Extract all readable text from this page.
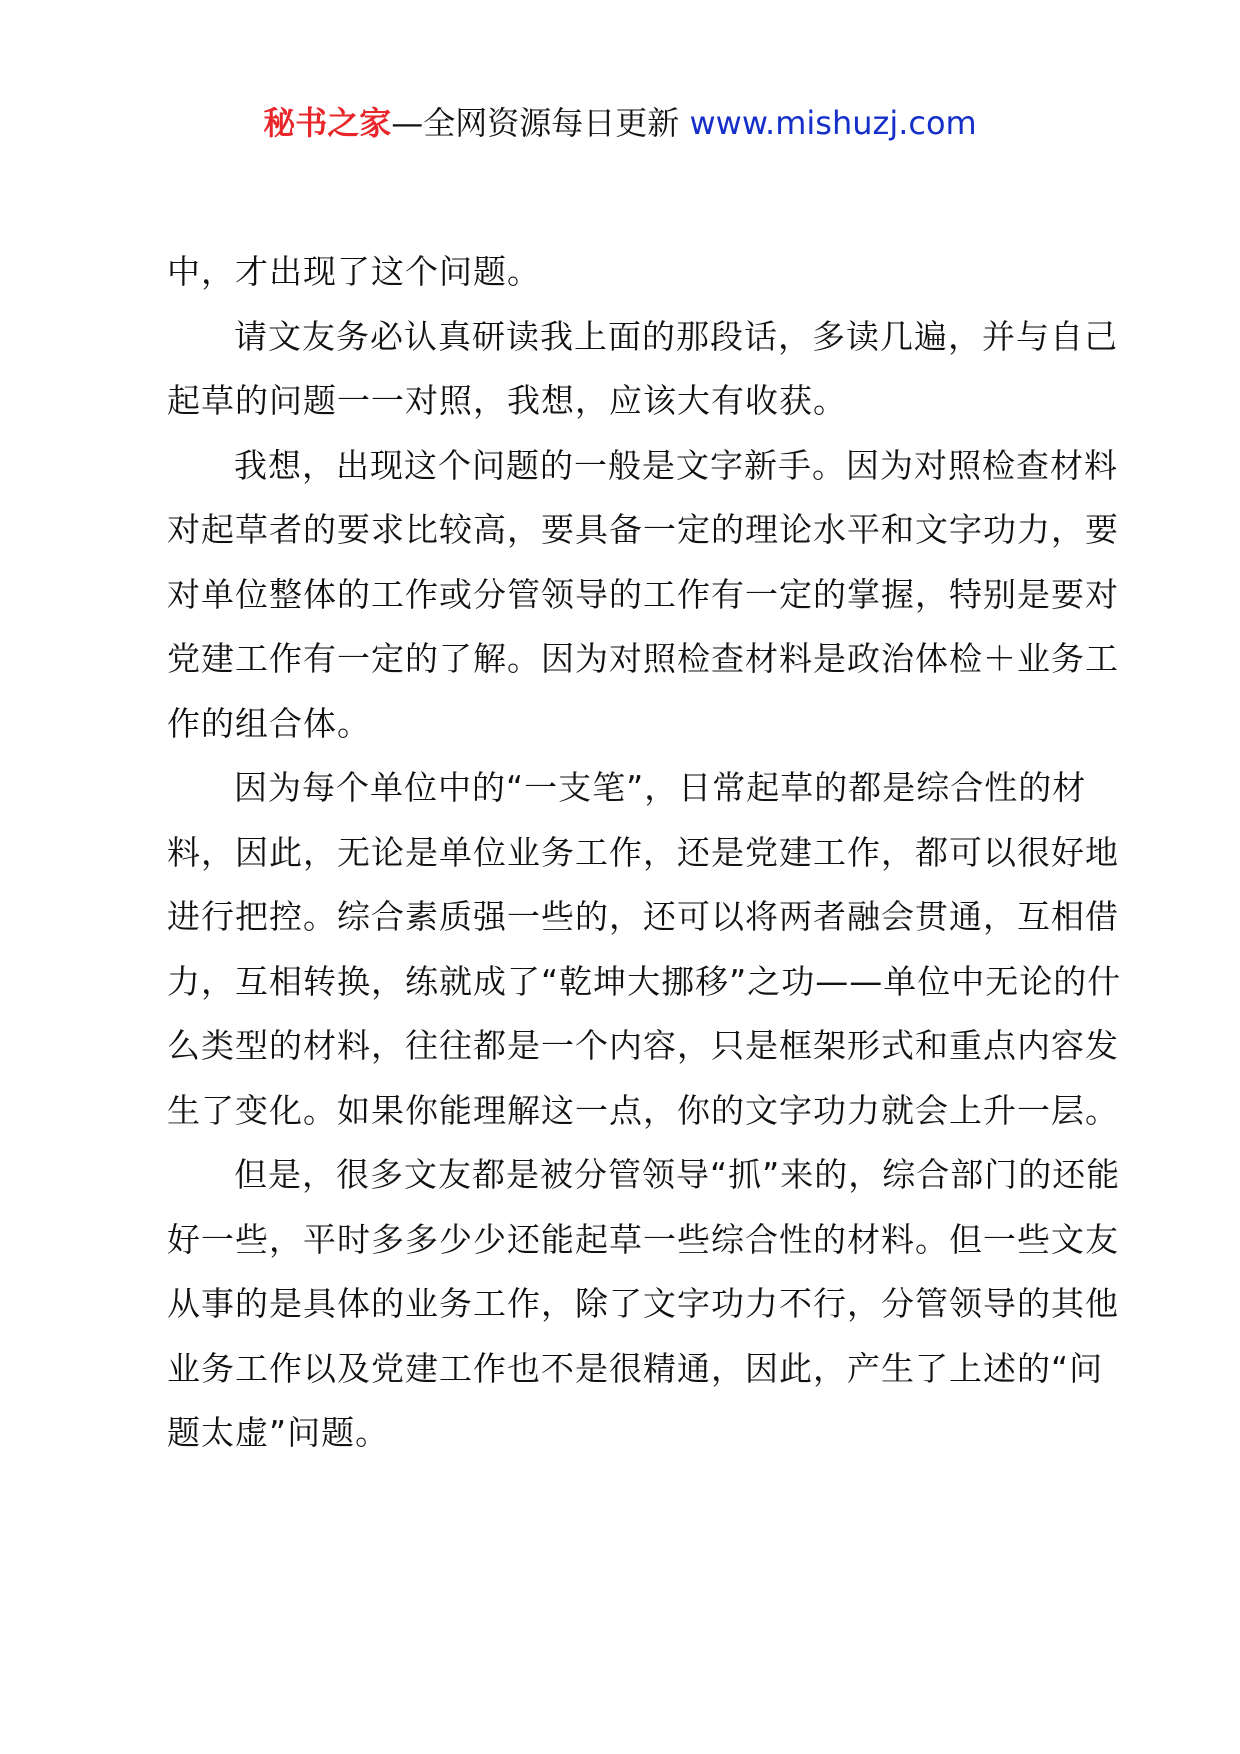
秘书之家—全网资源每日更新 www.mishuzj.com

中，才出现了这个问题。

请文友务必认真研读我上面的那段话，多读几遍，并与自己起草的问题一一对照，我想，应该大有收获。

我想，出现这个问题的一般是文字新手。因为对照检查材料对起草者的要求比较高，要具备一定的理论水平和文字功力，要对单位整体的工作或分管领导的工作有一定的掌握，特别是要对党建工作有一定的了解。因为对照检查材料是政治体检＋业务工作的组合体。

因为每个单位中的“一支笔”，日常起草的都是综合性的材料，因此，无论是单位业务工作，还是党建工作，都可以很好地进行把控。综合素质强一些的，还可以将两者融会贯通，互相借力，互相转换，练就成了“乾坤大挪移”之功——单位中无论的什么类型的材料，往往都是一个内容，只是框架形式和重点内容发生了变化。如果你能理解这一点，你的文字功力就会上升一层。

但是，很多文友都是被分管领导“抓”来的，综合部门的还能好一些，平时多多少少还能起草一些综合性的材料。但一些文友从事的是具体的业务工作，除了文字功力不行，分管领导的其他业务工作以及党建工作也不是很精通，因此，产生了上述的“问题太虚”问题。
